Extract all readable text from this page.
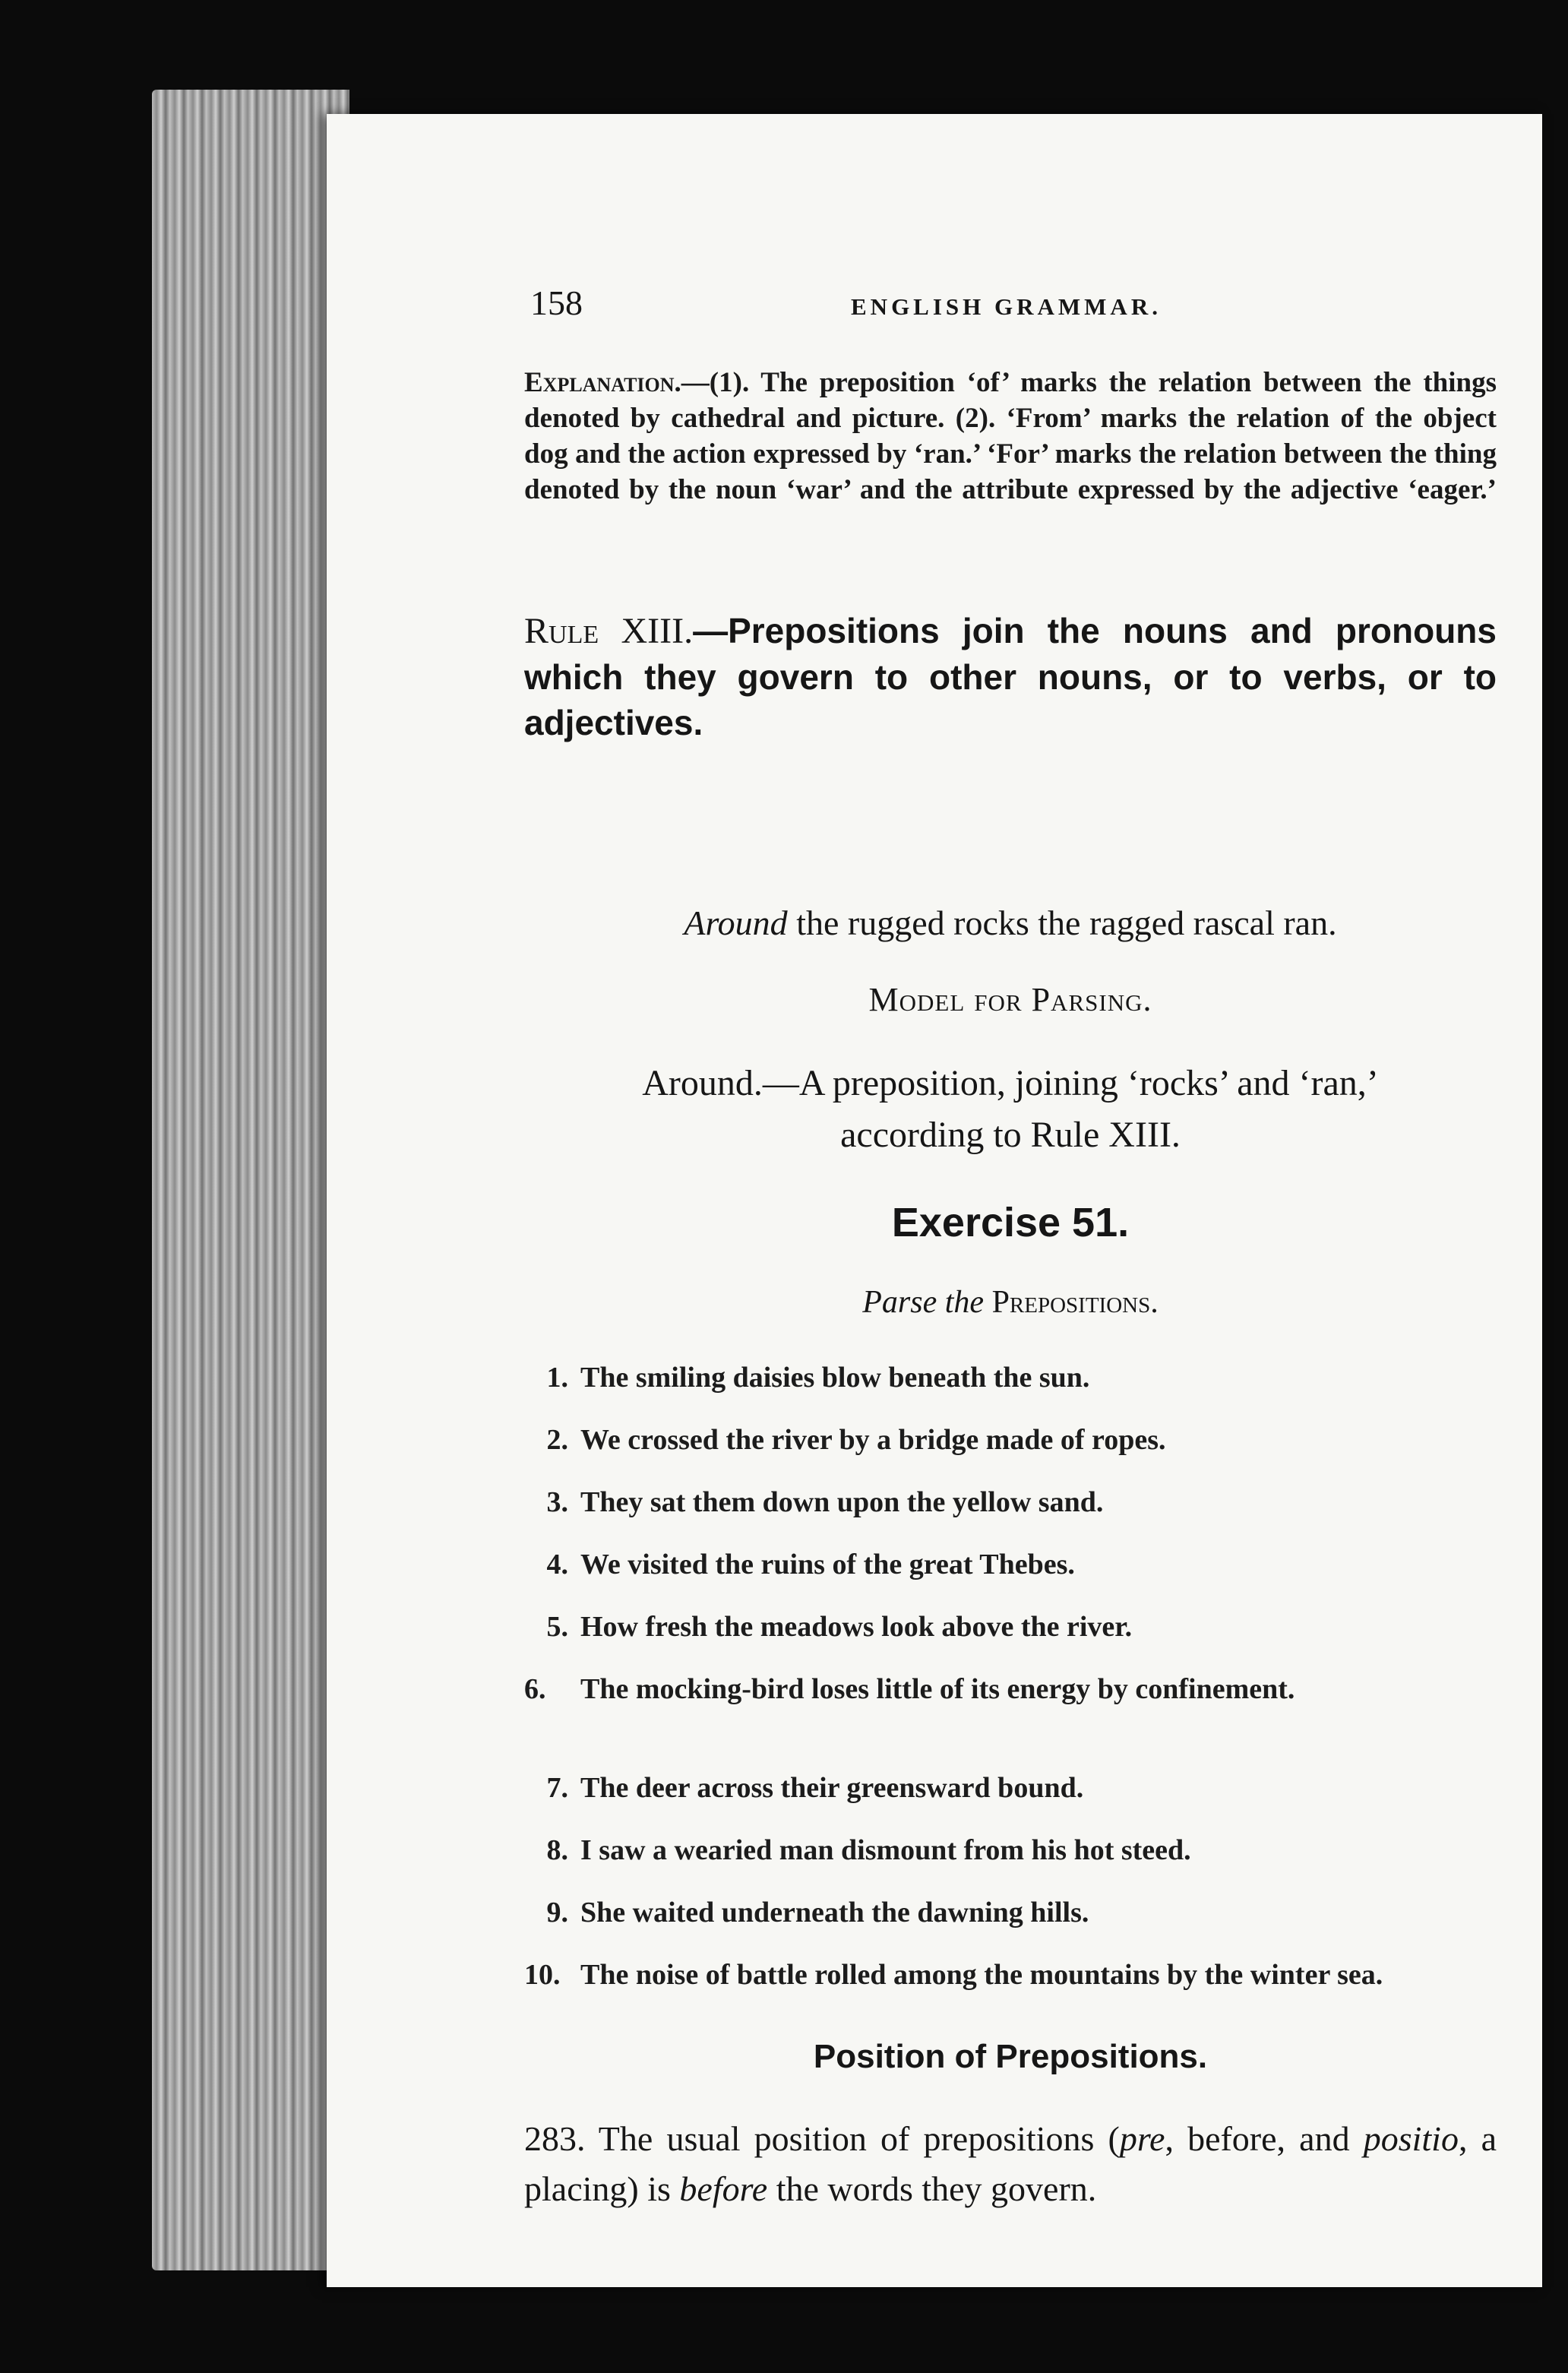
158	ENGLISH GRAMMAR.
Explanation.—(1). The preposition ‘of’ marks the relation between the things denoted by cathedral and picture. (2). ‘From’ marks the relation of the object dog and the action expressed by ‘ran.’ ‘For’ marks the relation between the thing denoted by the noun ‘war’ and the attribute expressed by the adjective ‘eager.’
Rule XIII.—Prepositions join the nouns and pronouns which they govern to other nouns, or to verbs, or to adjectives.
Around the rugged rocks the ragged rascal ran.
Model for Parsing.
Around.—A preposition, joining ‘rocks’ and ‘ran,’
according to Rule XIII.
Exercise 51.
Parse the Prepositions.
1. The smiling daisies blow beneath the sun.
2. We crossed the river by a bridge made of ropes.
3. They sat them down upon the yellow sand.
4. We visited the ruins of the great Thebes.
5. How fresh the meadows look above the river.
6. The mocking-bird loses little of its energy by confinement.
7. The deer across their greensward bound.
8. I saw a wearied man dismount from his hot steed.
9. She waited underneath the dawning hills.
10. The noise of battle rolled among the mountains by the winter sea.
Position of Prepositions.
283. The usual position of prepositions (pre, before, and positio, a placing) is before the words they govern.
